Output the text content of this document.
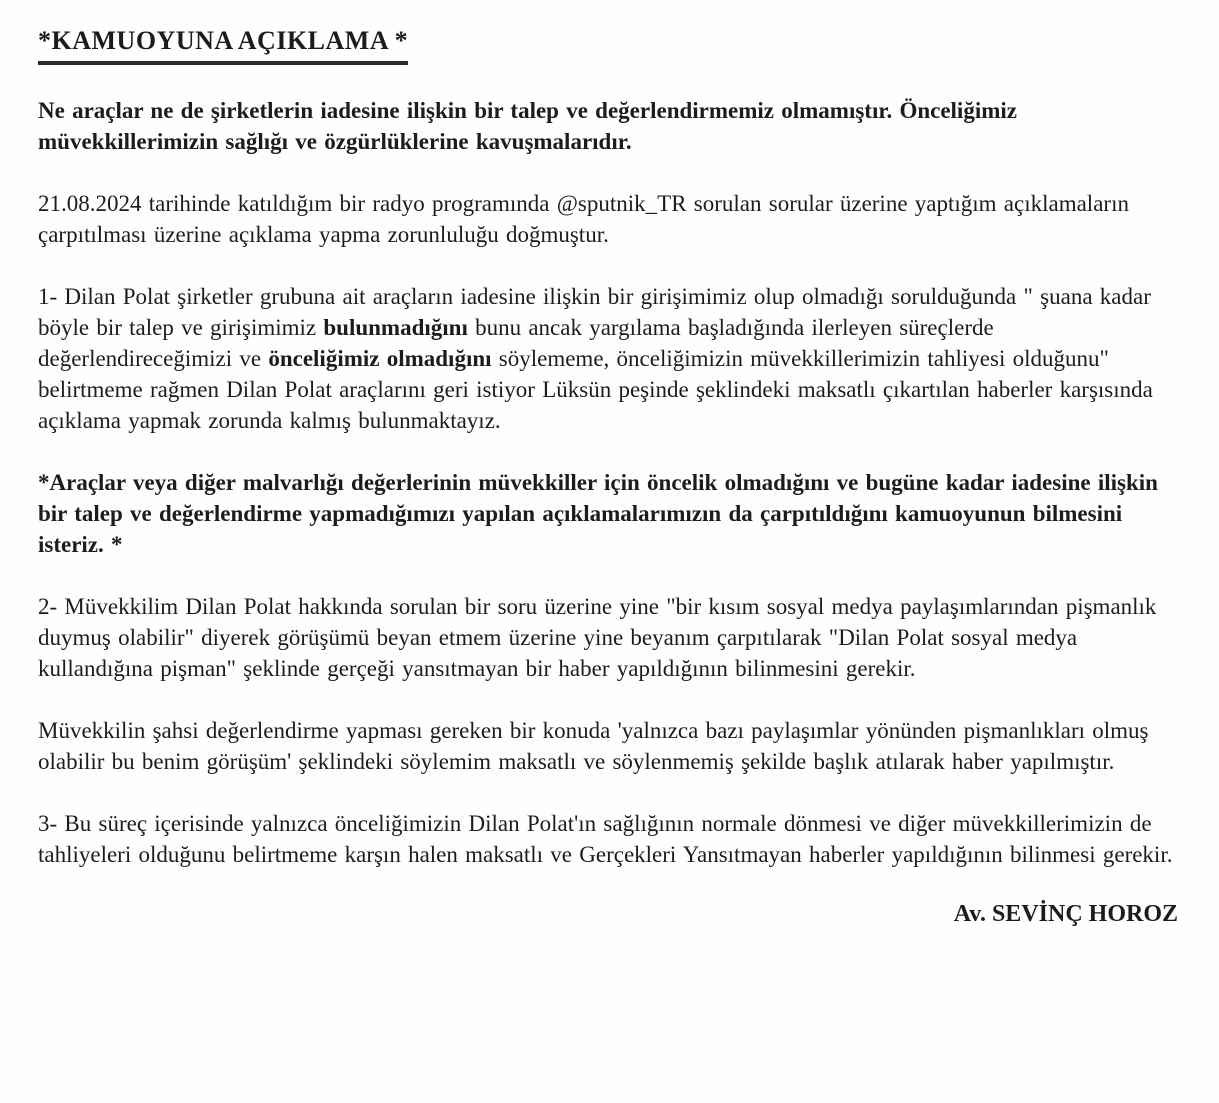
*KAMUOYUNA AÇIKLAMA *

Ne araçlar ne de şirketlerin iadesine ilişkin bir talep ve değerlendirmemiz olmamıştır. Önceliğimiz müvekkillerimizin sağlığı ve özgürlüklerine kavuşmalarıdır.

21.08.2024 tarihinde katıldığım bir radyo programında @sputnik_TR sorulan sorular üzerine yaptığım açıklamaların çarpıtılması üzerine açıklama yapma zorunluluğu doğmuştur.

1- Dilan Polat şirketler grubuna ait araçların iadesine ilişkin bir girişimimiz olup olmadığı sorulduğunda " şuana kadar böyle bir talep ve girişimimiz bulunmadığını bunu ancak yargılama başladığında ilerleyen süreçlerde değerlendireceğimizi ve önceliğimiz olmadığını söylememe, önceliğimizin müvekkillerimizin tahliyesi olduğunu" belirtmeme rağmen Dilan Polat araçlarını geri istiyor Lüksün peşinde şeklindeki maksatlı çıkartılan haberler karşısında açıklama yapmak zorunda kalmış bulunmaktayız.

*Araçlar veya diğer malvarlığı değerlerinin müvekkiller için öncelik olmadığını ve bugüne kadar iadesine ilişkin bir talep ve değerlendirme yapmadığımızı yapılan açıklamalarımızın da çarpıtıldığını kamuoyunun bilmesini isteriz. *

2- Müvekkilim Dilan Polat hakkında sorulan bir soru üzerine yine "bir kısım sosyal medya paylaşımlarından pişmanlık duymuş olabilir" diyerek görüşümü beyan etmem üzerine yine beyanım çarpıtılarak "Dilan Polat sosyal medya kullandığına pişman" şeklinde gerçeği yansıtmayan bir haber yapıldığının bilinmesini gerekir.

Müvekkilin şahsi değerlendirme yapması gereken bir konuda 'yalnızca bazı paylaşımlar yönünden pişmanlıkları olmuş olabilir bu benim görüşüm' şeklindeki söylemim maksatlı ve söylenmemiş şekilde başlık atılarak haber yapılmıştır.

3- Bu süreç içerisinde yalnızca önceliğimizin Dilan Polat'ın sağlığının normale dönmesi ve diğer müvekkillerimizin de tahliyeleri olduğunu belirtmeme karşın halen maksatlı ve Gerçekleri Yansıtmayan haberler yapıldığının bilinmesi gerekir.

Av. SEVİNÇ HOROZ
